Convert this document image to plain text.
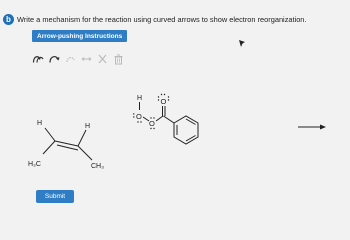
b Write a mechanism for the reaction using curved arrows to show electron reorganization.
Arrow-pushing Instructions
H	H
H₃C	CH₃
H
O
O
O
Submit
